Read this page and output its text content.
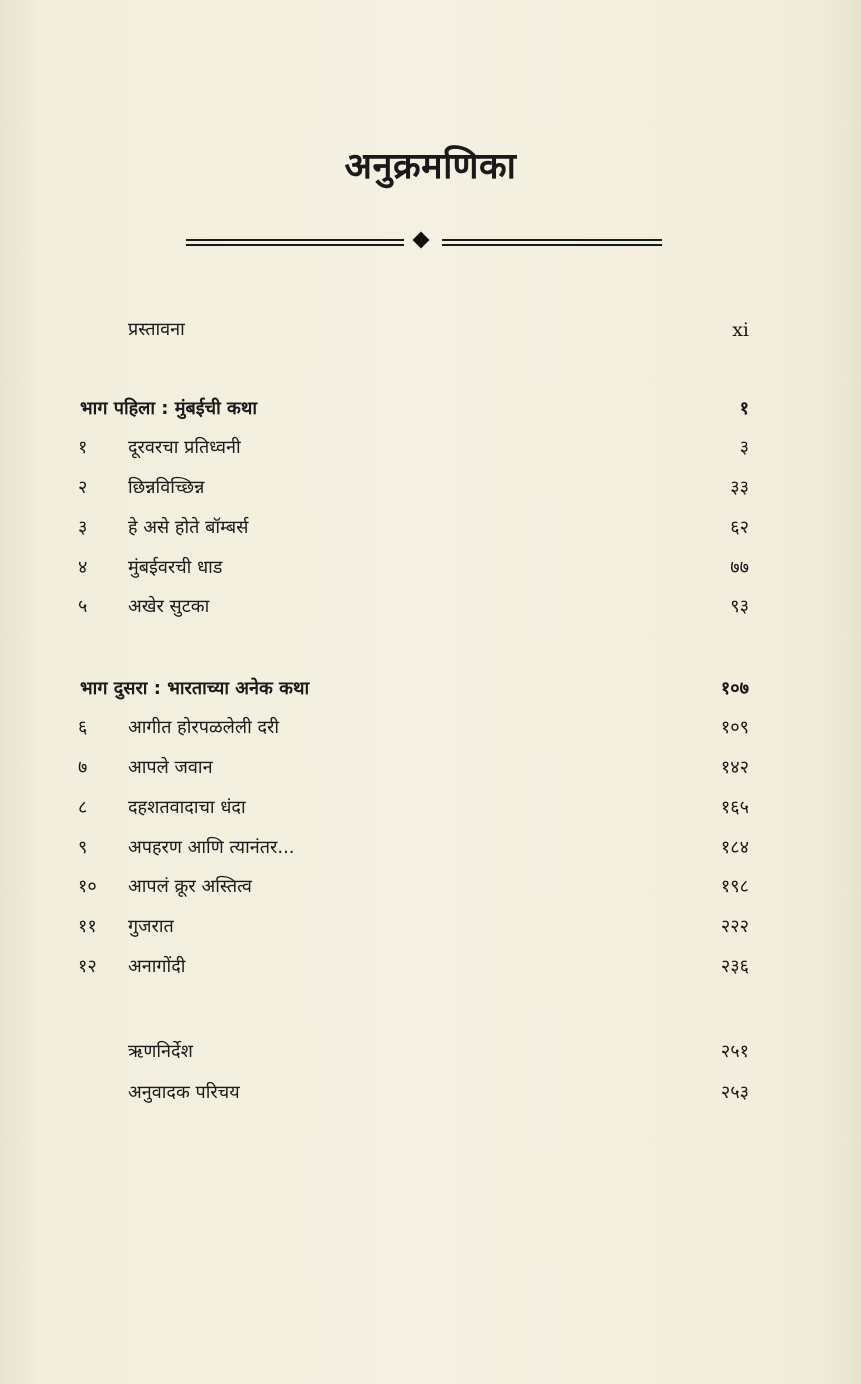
अनुक्रमणिका
प्रस्तावना	xi
भाग पहिला : मुंबईची कथा	१
१	दूरवरचा प्रतिध्वनी	३
२	छिन्नविच्छिन्न	३३
३	हे असे होते बॉम्बर्स	६२
४	मुंबईवरची धाड	७७
५	अखेर सुटका	९३
भाग दुसरा : भारताच्या अनेक कथा	१०७
६	आगीत होरपळलेली दरी	१०९
७	आपले जवान	१४२
८	दहशतवादाचा धंदा	१६५
९	अपहरण आणि त्यानंतर...	१८४
१०	आपलं क्रूर अस्तित्व	१९८
११	गुजरात	२२२
१२	अनागोंदी	२३६
ऋणनिर्देश	२५१
अनुवादक परिचय	२५३
